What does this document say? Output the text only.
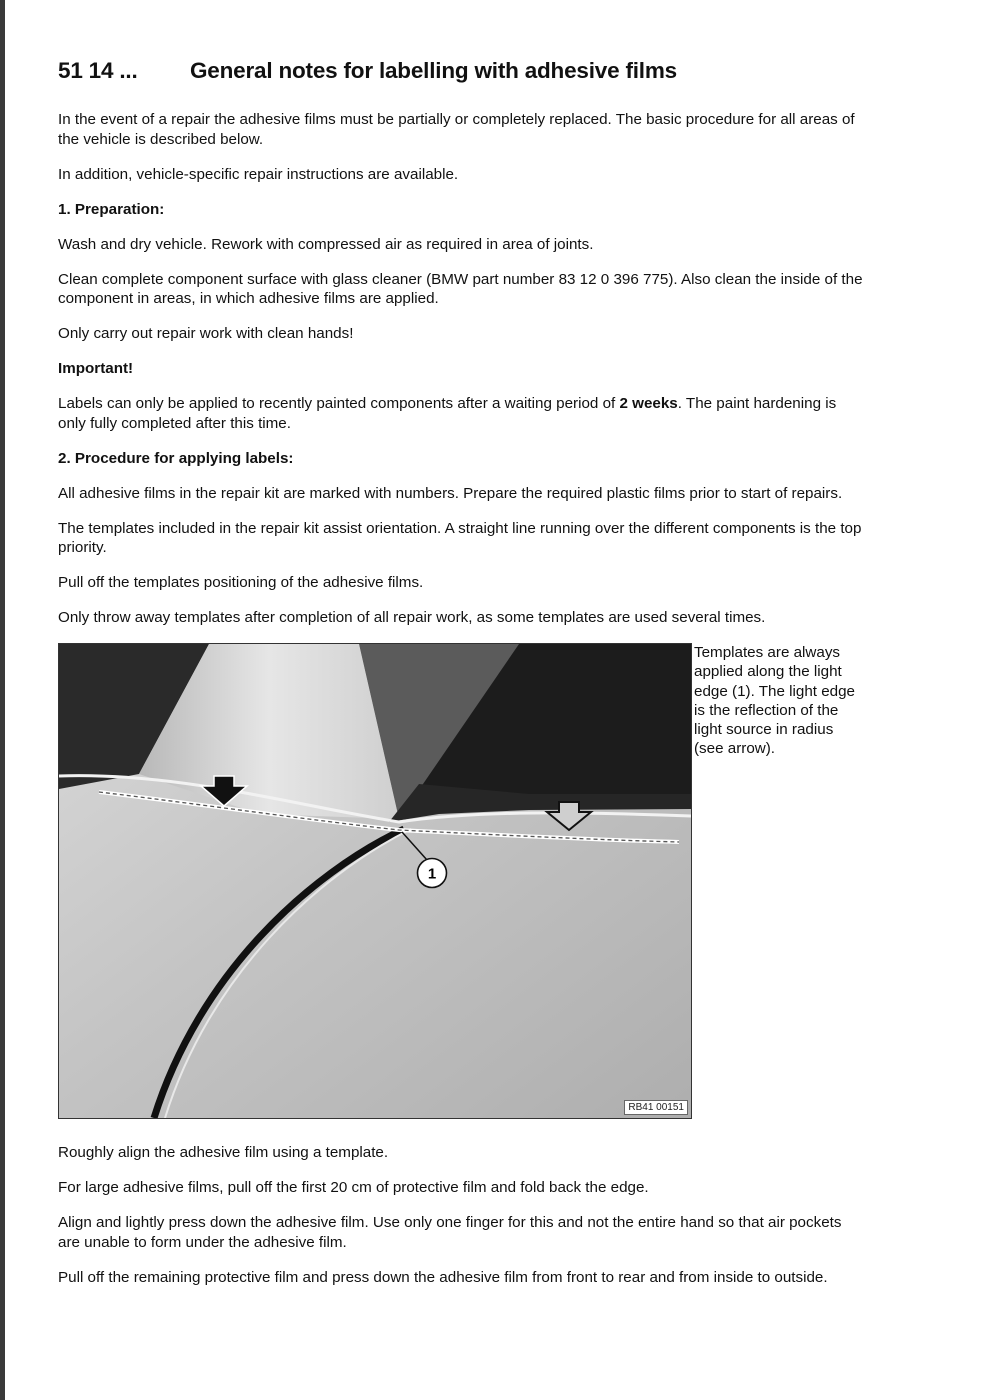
51 14 ... General notes for labelling with adhesive films

In the event of a repair the adhesive films must be partially or completely replaced. The basic procedure for all areas of the vehicle is described below.

In addition, vehicle-specific repair instructions are available.

1. Preparation:

Wash and dry vehicle. Rework with compressed air as required in area of joints.

Clean complete component surface with glass cleaner (BMW part number 83 12 0 396 775). Also clean the inside of the component in areas, in which adhesive films are applied.

Only carry out repair work with clean hands!

Important!

Labels can only be applied to recently painted components after a waiting period of 2 weeks. The paint hardening is only fully completed after this time.

2. Procedure for applying labels:

All adhesive films in the repair kit are marked with numbers. Prepare the required plastic films prior to start of repairs.

The templates included in the repair kit assist orientation. A straight line running over the different components is the top priority.

Pull off the templates positioning of the adhesive films.

Only throw away templates after completion of all repair work, as some templates are used several times.

1
RB41 00151
Templates are always applied along the light edge (1). The light edge is the reflection of the light source in radius (see arrow).

Roughly align the adhesive film using a template.

For large adhesive films, pull off the first 20 cm of protective film and fold back the edge.

Align and lightly press down the adhesive film. Use only one finger for this and not the entire hand so that air pockets are unable to form under the adhesive film.

Pull off the remaining protective film and press down the adhesive film from front to rear and from inside to outside.
